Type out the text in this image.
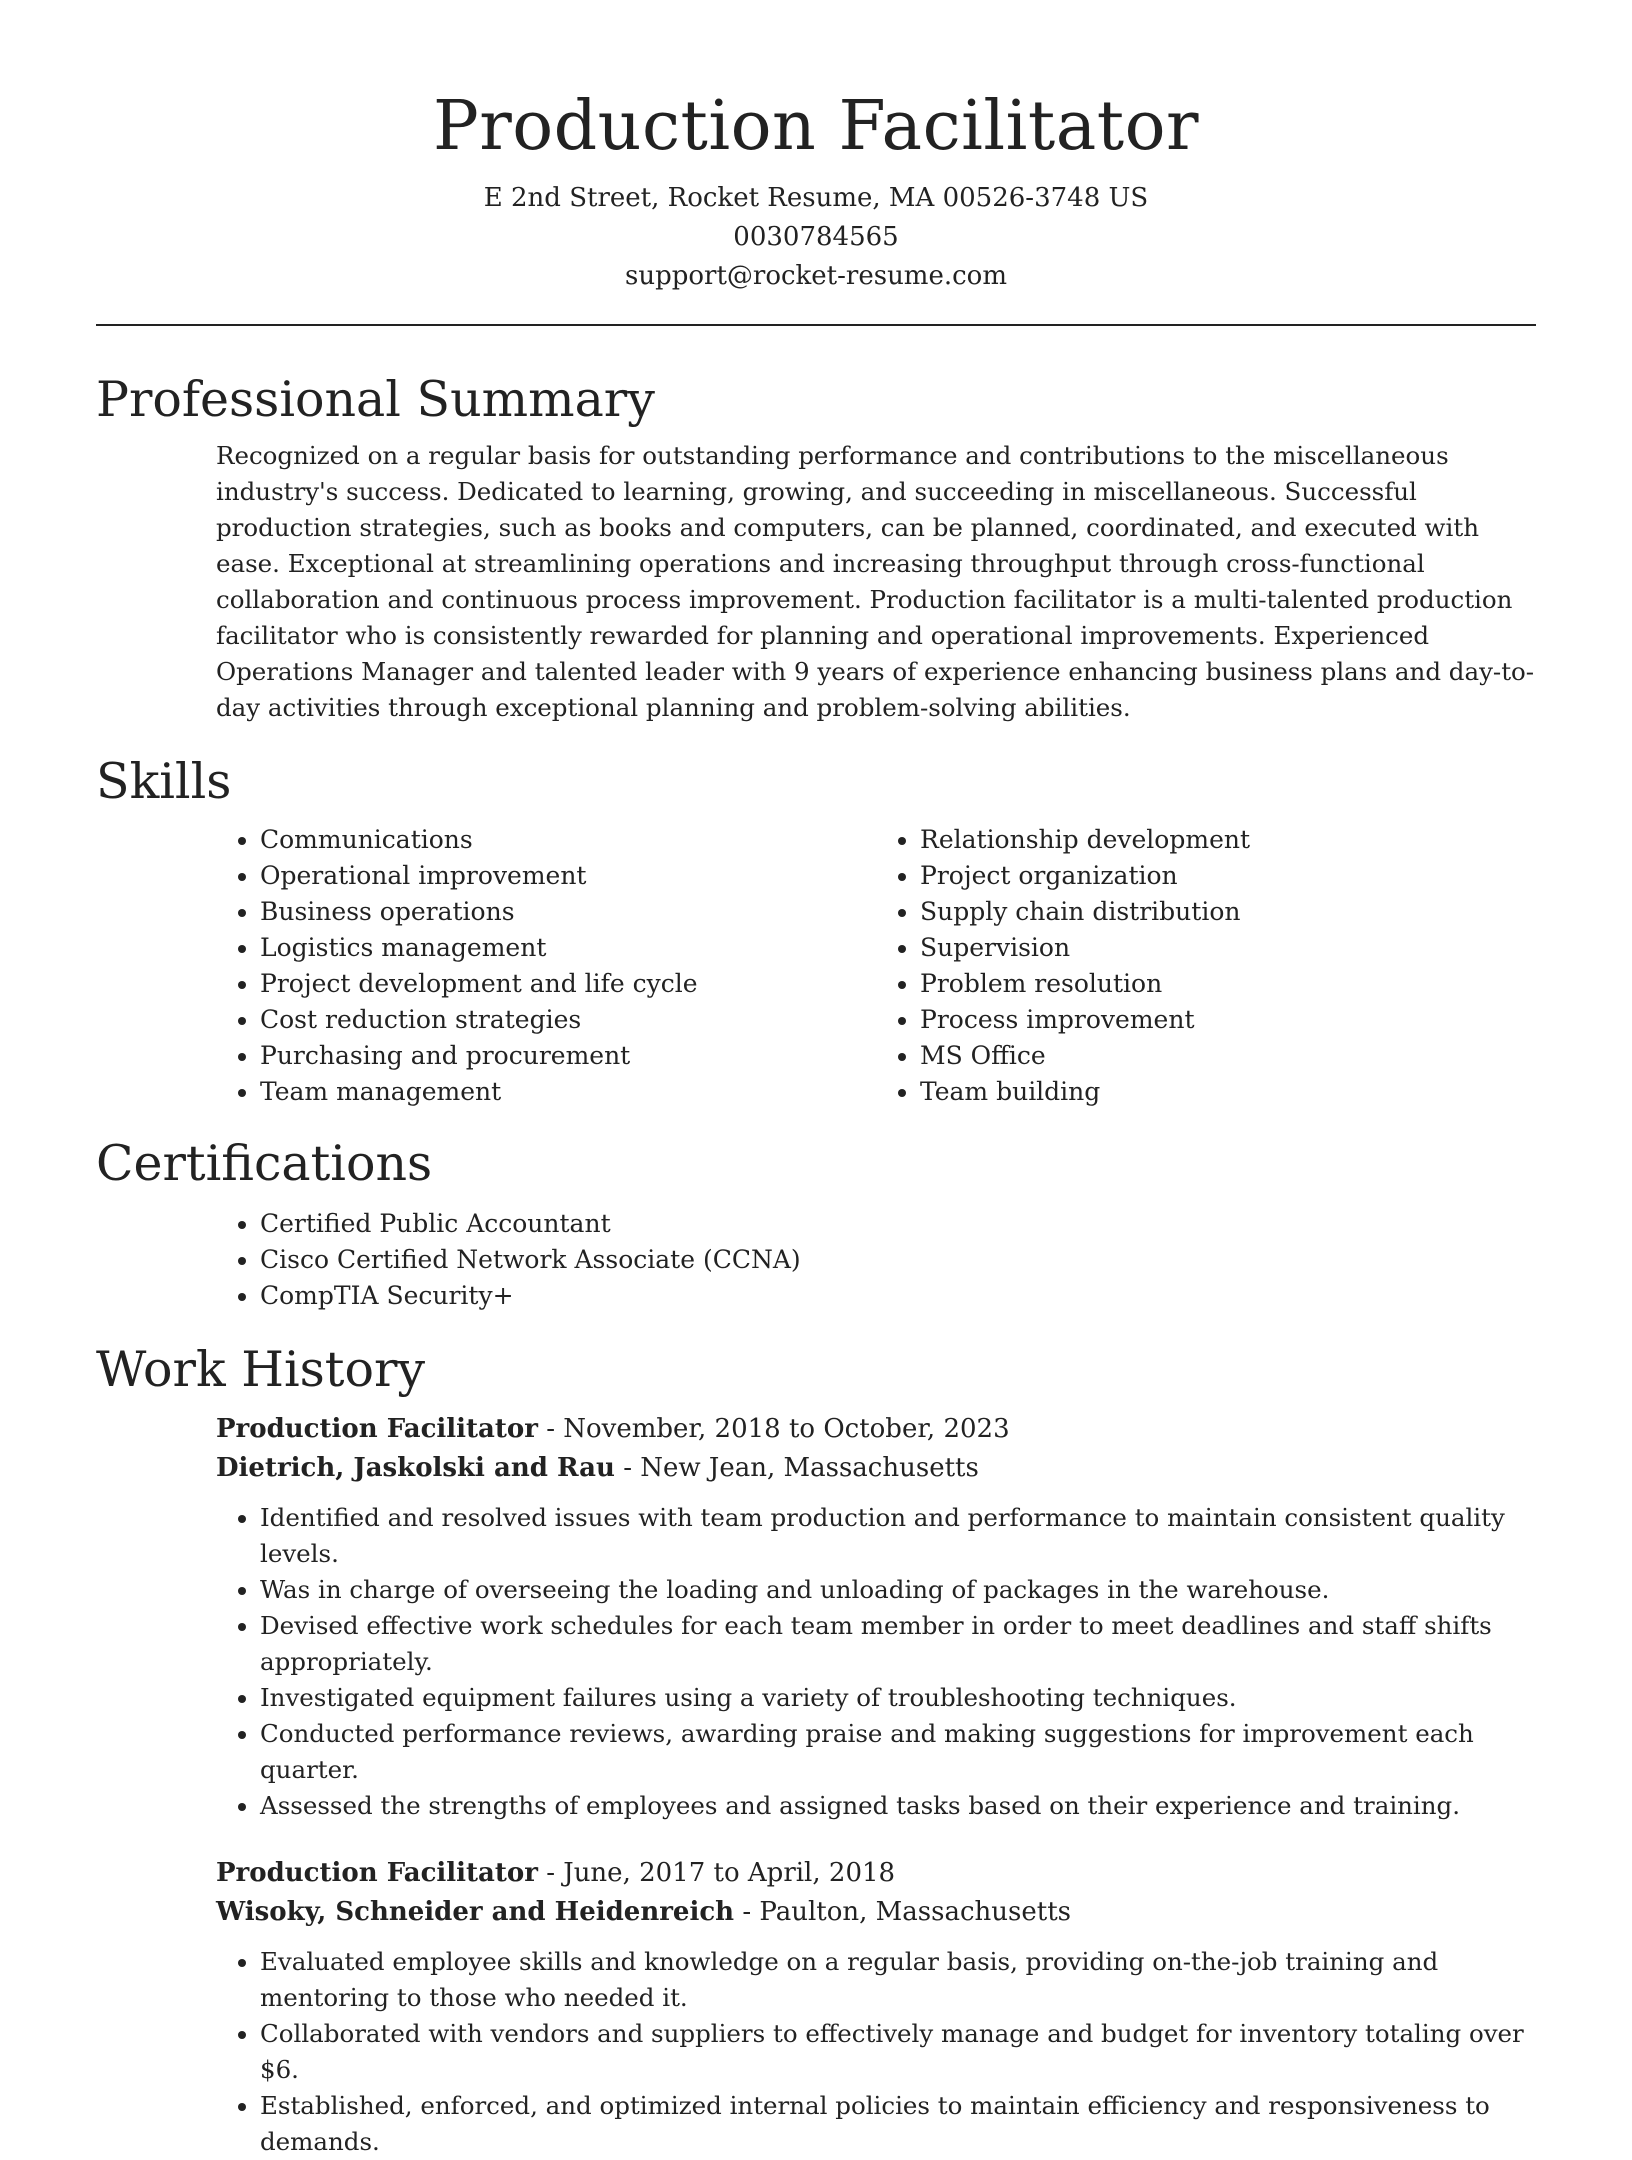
Production Facilitator
E 2nd Street, Rocket Resume, MA 00526-3748 US
0030784565
support@rocket-resume.com
Professional Summary
Recognized on a regular basis for outstanding performance and contributions to the miscellaneous industry's success. Dedicated to learning, growing, and succeeding in miscellaneous. Successful production strategies, such as books and computers, can be planned, coordinated, and executed with ease. Exceptional at streamlining operations and increasing throughput through cross-functional collaboration and continuous process improvement. Production facilitator is a multi-talented production facilitator who is consistently rewarded for planning and operational improvements. Experienced Operations Manager and talented leader with 9 years of experience enhancing business plans and day-to-day activities through exceptional planning and problem-solving abilities.
Skills
• Communications
• Operational improvement
• Business operations
• Logistics management
• Project development and life cycle
• Cost reduction strategies
• Purchasing and procurement
• Team management
• Relationship development
• Project organization
• Supply chain distribution
• Supervision
• Problem resolution
• Process improvement
• MS Office
• Team building
Certifications
• Certified Public Accountant
• Cisco Certified Network Associate (CCNA)
• CompTIA Security+
Work History
Production Facilitator - November, 2018 to October, 2023
Dietrich, Jaskolski and Rau - New Jean, Massachusetts
• Identified and resolved issues with team production and performance to maintain consistent quality levels.
• Was in charge of overseeing the loading and unloading of packages in the warehouse.
• Devised effective work schedules for each team member in order to meet deadlines and staff shifts appropriately.
• Investigated equipment failures using a variety of troubleshooting techniques.
• Conducted performance reviews, awarding praise and making suggestions for improvement each quarter.
• Assessed the strengths of employees and assigned tasks based on their experience and training.
Production Facilitator - June, 2017 to April, 2018
Wisoky, Schneider and Heidenreich - Paulton, Massachusetts
• Evaluated employee skills and knowledge on a regular basis, providing on-the-job training and mentoring to those who needed it.
• Collaborated with vendors and suppliers to effectively manage and budget for inventory totaling over $6.
• Established, enforced, and optimized internal policies to maintain efficiency and responsiveness to demands.
